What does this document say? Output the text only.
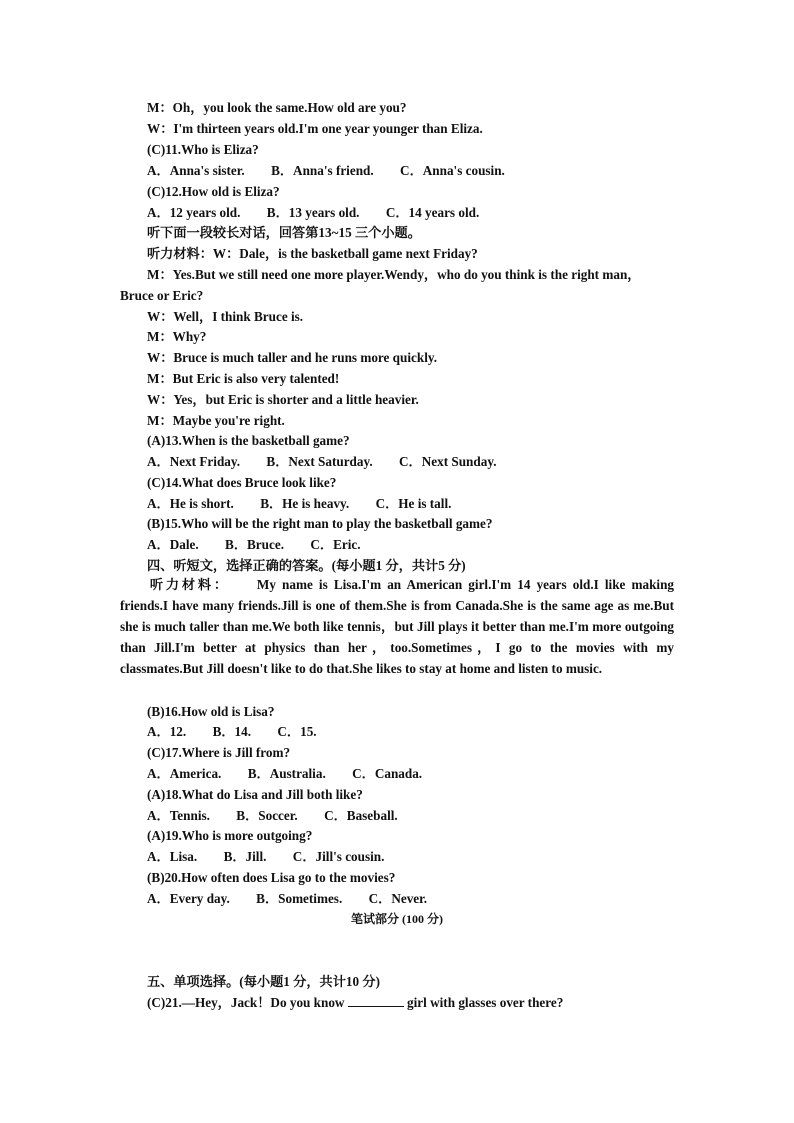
M：Oh，you look the same.How old are you?
W：I'm thirteen years old.I'm one year younger than Eliza.
(C)11.Who is Eliza?
A．Anna's sister.　　B．Anna's friend.　　C．Anna's cousin.
(C)12.How old is Eliza?
A．12 years old.　　B．13 years old.　　C．14 years old.
听下面一段较长对话，回答第13~15 三个小题。
听力材料：W：Dale，is the basketball game next Friday?
M：Yes.But we still need one more player.Wendy，who do you think is the right man，
Bruce or Eric?
W：Well，I think Bruce is.
M：Why?
W：Bruce is much taller and he runs more quickly.
M：But Eric is also very talented!
W：Yes，but Eric is shorter and a little heavier.
M：Maybe you're right.
(A)13.When is the basketball game?
A．Next Friday.　　B．Next Saturday.　　C．Next Sunday.
(C)14.What does Bruce look like?
A．He is short.　　B．He is heavy.　　C．He is tall.
(B)15.Who will be the right man to play the basketball game?
A．Dale.　　B．Bruce.　　C．Eric.
四、听短文，选择正确的答案。(每小题1 分，共计5 分)
听力材料： My name is Lisa.I'm an American girl.I'm 14 years old.I like making friends.I have many friends.Jill is one of them.She is from Canada.She is the same age as me.But she is much taller than me.We both like tennis，but Jill plays it better than me.I'm more outgoing than Jill.I'm better at physics than her，too.Sometimes，I go to the movies with my classmates.But Jill doesn't like to do that.She likes to stay at home and listen to music.
(B)16.How old is Lisa?
A．12.　　B．14.　　C．15.
(C)17.Where is Jill from?
A．America.　　B．Australia.　　C．Canada.
(A)18.What do Lisa and Jill both like?
A．Tennis.　　B．Soccer.　　C．Baseball.
(A)19.Who is more outgoing?
A．Lisa.　　B．Jill.　　C．Jill's cousin.
(B)20.How often does Lisa go to the movies?
A．Every day.　　B．Sometimes.　　C．Never.
笔试部分 (100 分)
五、单项选择。(每小题1 分，共计10 分)
(C)21.—Hey，Jack！Do you know	girl with glasses over there?
